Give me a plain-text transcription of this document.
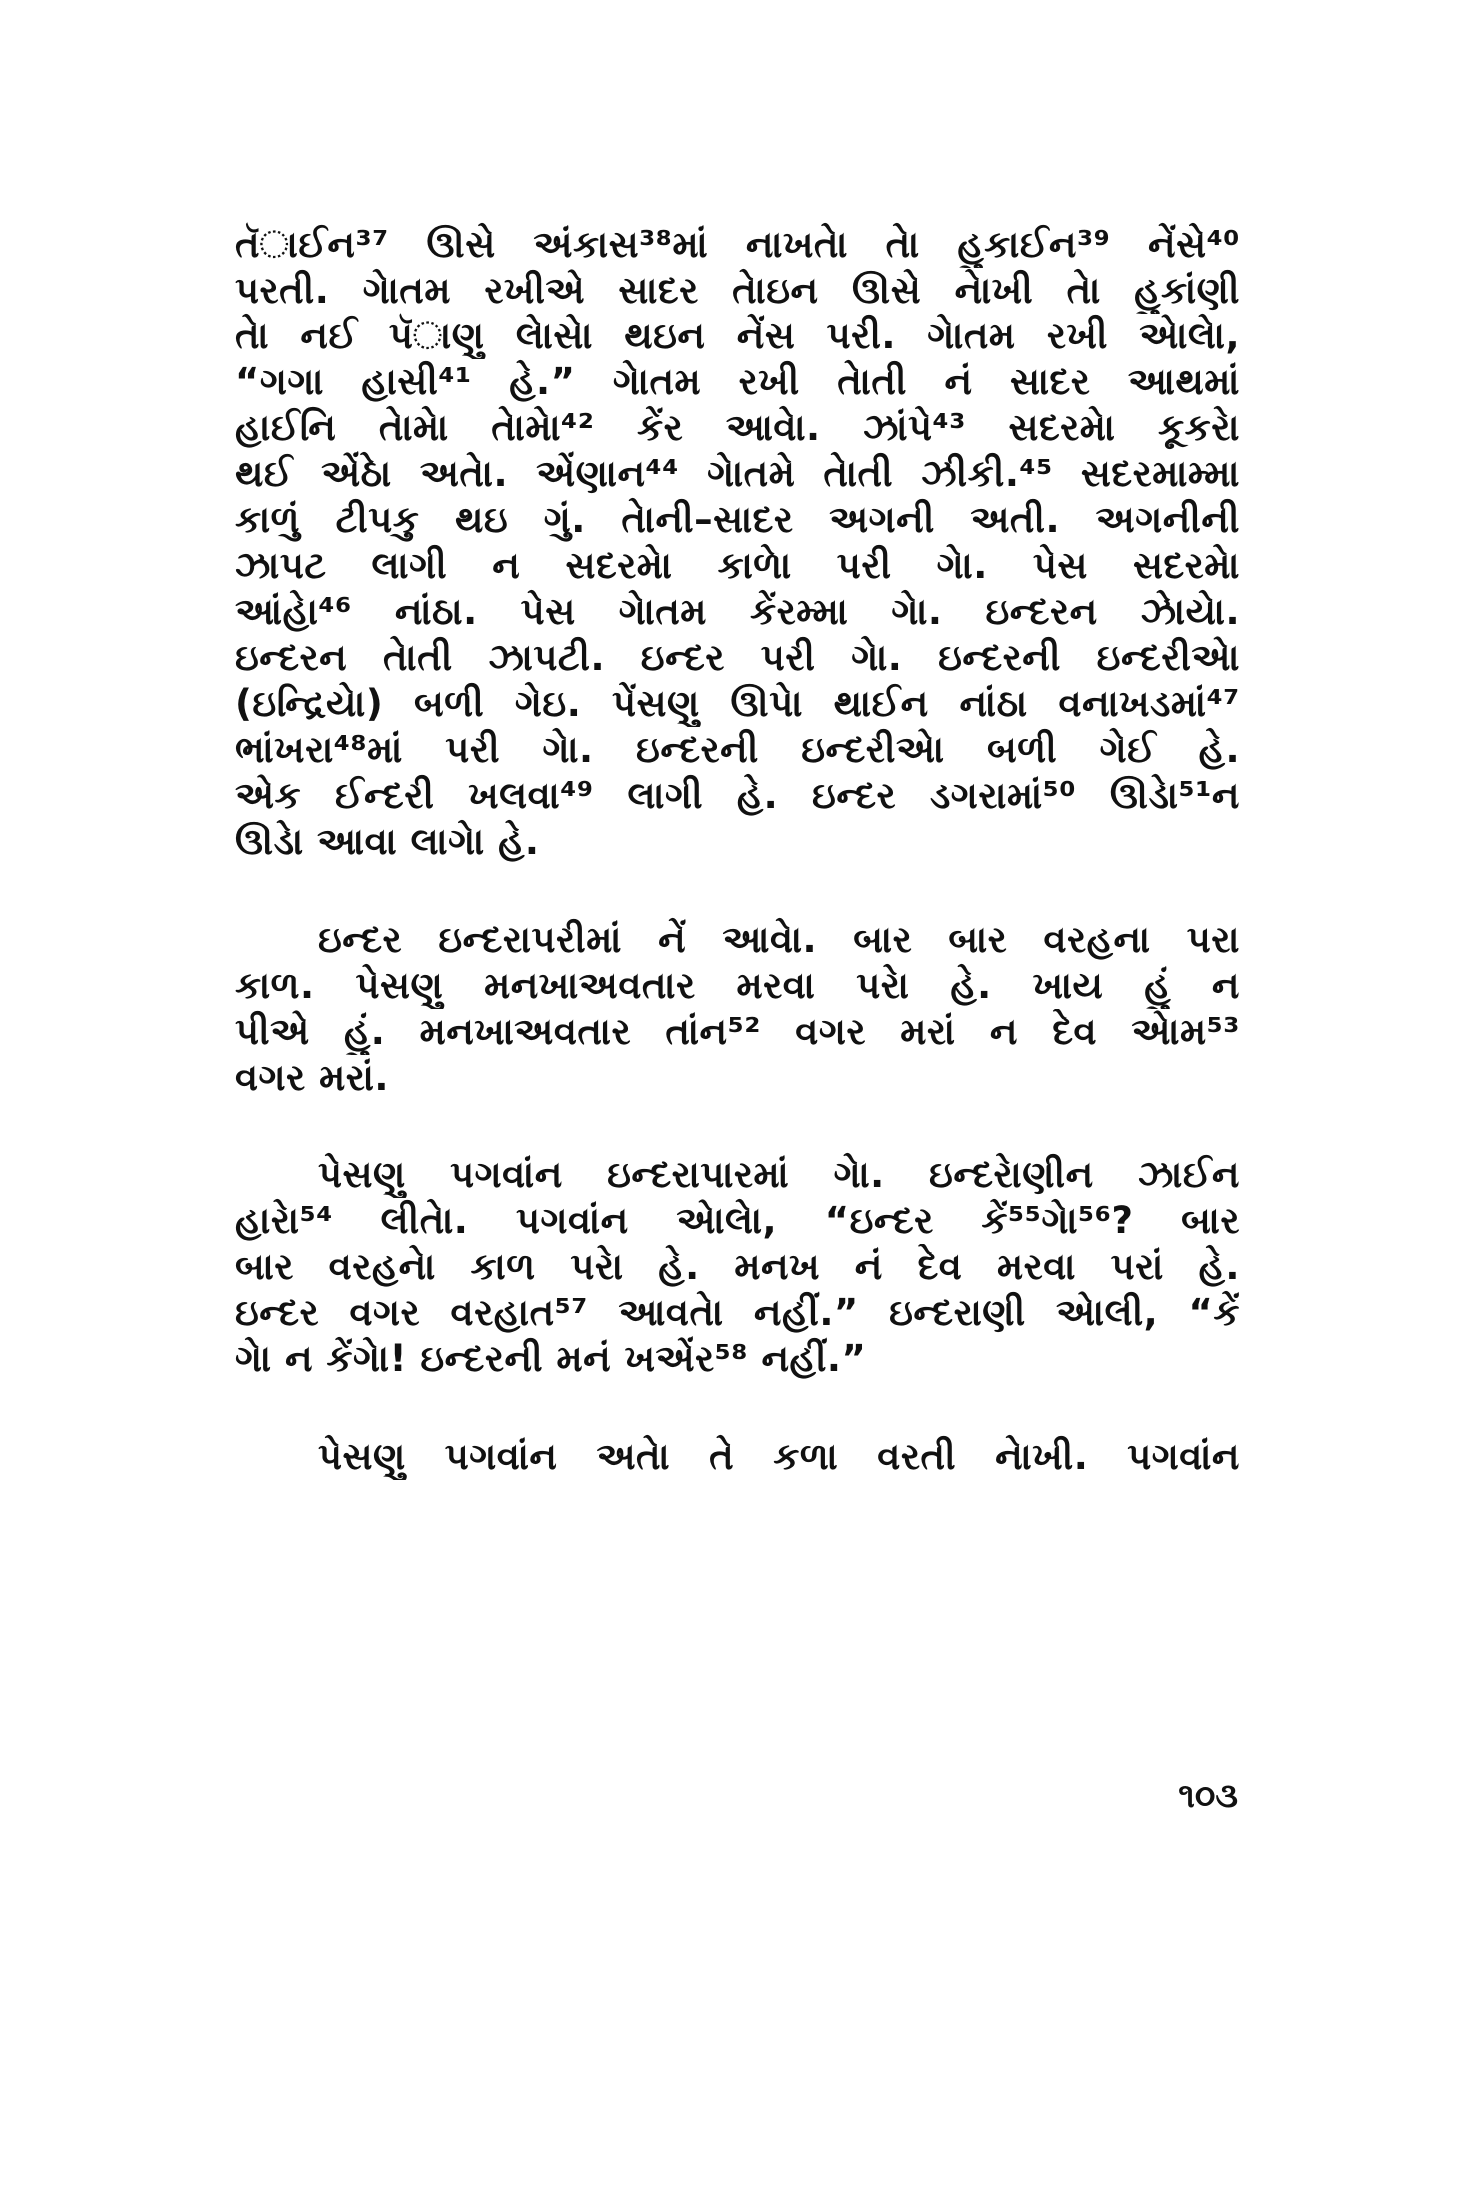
તૅાઈન³⁷ ઊસે અંકાસ³⁸માં નાખતેા તેા હુકાઈન³⁹ નેંસે⁴⁰
પરતી. ગેાતમ રખીએ સાદર તેાઇન ઊસે નેાખી તેા હુકાંણી
તેા નઈ પૅાણુ લેાસેા થઇન નેંસ પરી. ગેાતમ રખી એાલેા,
“ગગા હાસી⁴¹ હે.” ગેાતમ રખી તેાતી નં સાદર આથમાં
હાઈનિ તેામેા તેામેા⁴² કેંર આવેા. ઝાંપે⁴³ સદરમેા કૂકરેા
થઈ એંઠેા અતેા. એંણાન⁴⁴ ગેાતમે તેાતી ઝીકી.⁴⁵ સદરમામ્મા
કાળું ટીપકુ થઇ ગું. તેાની–સાદર અગની અતી. અગનીની
ઝાપટ લાગી ન સદરમેા કાળેા પરી ગેા. પેસ સદરમેા
આંહેા⁴⁶ નાંઠા. પેસ ગેાતમ કેંરમ્મા ગેા. ઇન્દરન ઝાેયેા.
ઇન્દરન તેાતી ઝાપટી. ઇન્દર પરી ગેા. ઇન્દરની ઇન્દરીએા
(ઇન્દ્રિયેા) બળી ગેઇ. પેંસણુ ઊપેા થાઈન નાંઠા વનાખડમાં⁴⁷
ભાંખરા⁴⁸માં પરી ગેા. ઇન્દરની ઇન્દરીએા બળી ગેઈ હે.
એક ઈન્દરી ખલવા⁴⁹ લાગી હે. ઇન્દર ડગરામાં⁵⁰ ઊડેા⁵¹ન
ઊડેા આવા લાગેા હે.
ઇન્દર ઇન્દરાપરીમાં નેં આવેા. બાર બાર વરહના પરા
કાળ. પેસણુ મનખાઅવતાર મરવા પરેા હે. ખાય હું ન
પીએ હું. મનખાઅવતાર તાંન⁵² વગર મરાં ન દેવ એામ⁵³
વગર મરાં.
પેસણુ પગવાંન ઇન્દરાપારમાં ગેા. ઇન્દરાેણીન ઝાઈન
હારેા⁵⁴ લીતેા. પગવાંન એાલેા, “ઇન્દર કેં⁵⁵ગેા⁵⁶? બાર
બાર વરહનેા કાળ પરેા હે. મનખ નં દેવ મરવા પરાં હે.
ઇન્દર વગર વરહાત⁵⁷ આવતેા નહીં.” ઇન્દરાણી એાલી, “કેં
ગેા ન કેંગેા! ઇન્દરની મનં ખએંર⁵⁸ નહીં.”
પેસણુ પગવાંન અતેા તે કળા વરતી નેાખી. પગવાંન
૧૦૩
